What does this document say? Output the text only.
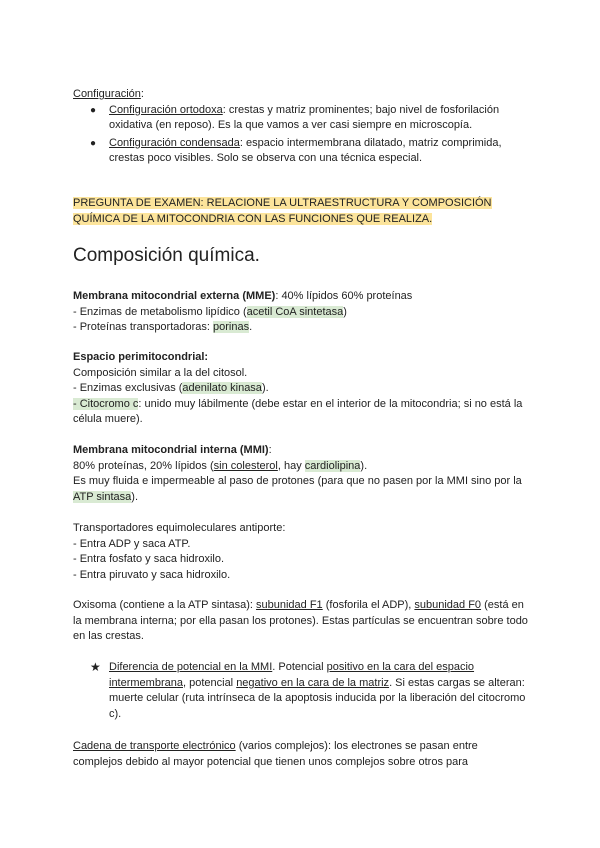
Configuración:

● Configuración ortodoxa: crestas y matriz prominentes; bajo nivel de fosforilación oxidativa (en reposo). Es la que vamos a ver casi siempre en microscopía.
● Configuración condensada: espacio intermembrana dilatado, matriz comprimida, crestas poco visibles. Solo se observa con una técnica especial.

PREGUNTA DE EXAMEN: RELACIONE LA ULTRAESTRUCTURA Y COMPOSICIÓN QUÍMICA DE LA MITOCONDRIA CON LAS FUNCIONES QUE REALIZA.

Composición química.

Membrana mitocondrial externa (MME): 40% lípidos 60% proteínas

- Enzimas de metabolismo lipídico (acetil CoA sintetasa)

- Proteínas transportadoras: porinas.

Espacio perimitocondrial:

Composición similar a la del citosol.

- Enzimas exclusivas (adenilato kinasa).

- Citocromo c: unido muy lábilmente (debe estar en el interior de la mitocondria; si no está la célula muere).

Membrana mitocondrial interna (MMI):

80% proteínas, 20% lípidos (sin colesterol, hay cardiolipina).

Es muy fluida e impermeable al paso de protones (para que no pasen por la MMI sino por la ATP sintasa).

Transportadores equimoleculares antiporte:

- Entra ADP y saca ATP.

- Entra fosfato y saca hidroxilo.

- Entra piruvato y saca hidroxilo.

Oxisoma (contiene a la ATP sintasa): subunidad F1 (fosforila el ADP), subunidad F0 (está en la membrana interna; por ella pasan los protones). Estas partículas se encuentran sobre todo en las crestas.

★ Diferencia de potencial en la MMI. Potencial positivo en la cara del espacio intermembrana, potencial negativo en la cara de la matriz. Si estas cargas se alteran: muerte celular (ruta intrínseca de la apoptosis inducida por la liberación del citocromo c).

Cadena de transporte electrónico (varios complejos): los electrones se pasan entre complejos debido al mayor potencial que tienen unos complejos sobre otros para
